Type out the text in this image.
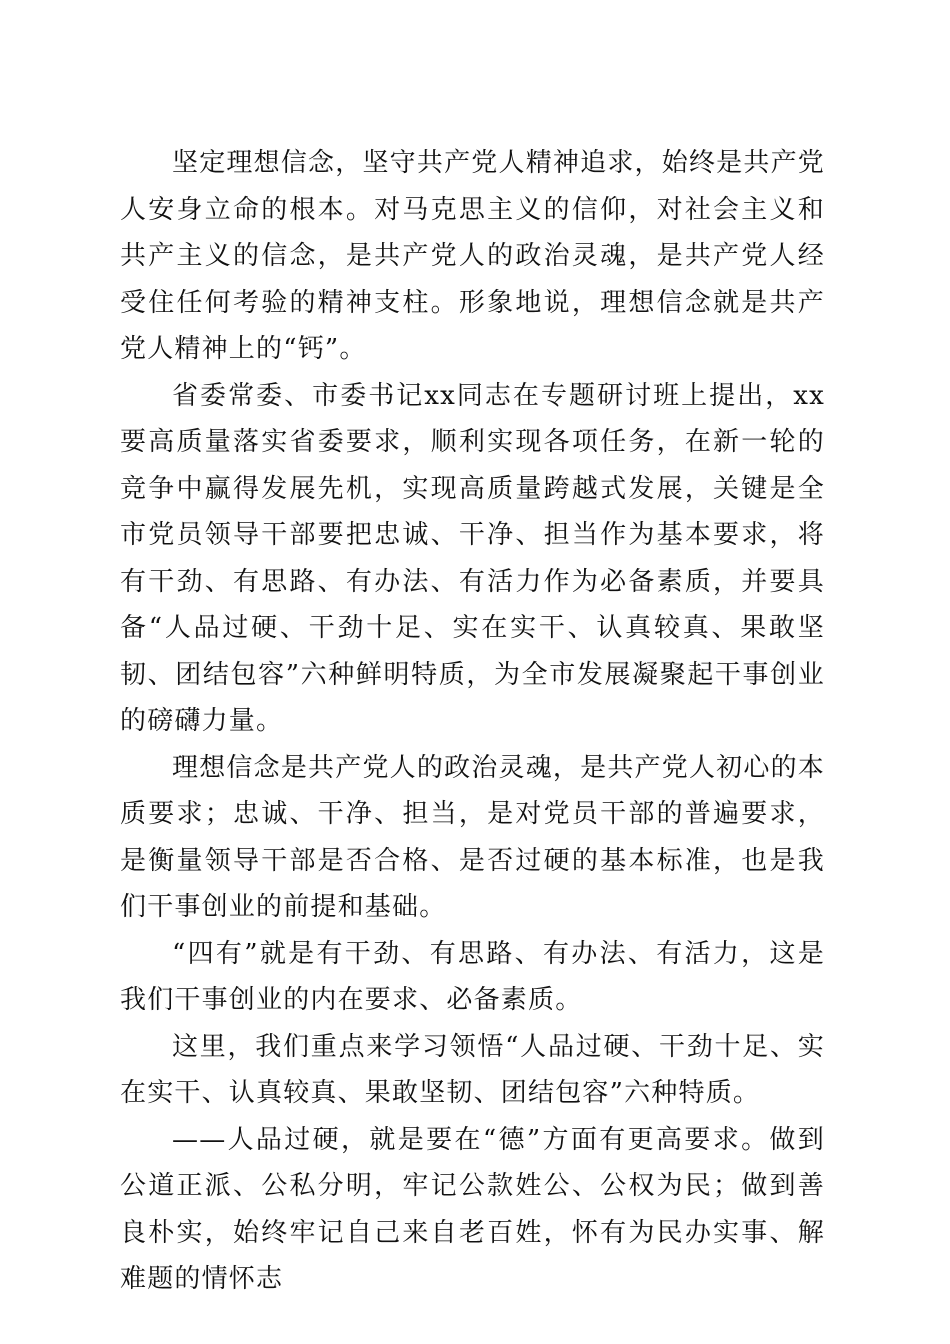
坚定理想信念，坚守共产党人精神追求，始终是共产党人安身立命的根本。对马克思主义的信仰，对社会主义和共产主义的信念，是共产党人的政治灵魂，是共产党人经受住任何考验的精神支柱。形象地说，理想信念就是共产党人精神上的“钙”。

省委常委、市委书记xx同志在专题研讨班上提出，xx要高质量落实省委要求，顺利实现各项任务，在新一轮的竞争中赢得发展先机，实现高质量跨越式发展，关键是全市党员领导干部要把忠诚、干净、担当作为基本要求，将有干劲、有思路、有办法、有活力作为必备素质，并要具备“人品过硬、干劲十足、实在实干、认真较真、果敢坚韧、团结包容”六种鲜明特质，为全市发展凝聚起干事创业的磅礴力量。

理想信念是共产党人的政治灵魂，是共产党人初心的本质要求；忠诚、干净、担当，是对党员干部的普遍要求，是衡量领导干部是否合格、是否过硬的基本标准，也是我们干事创业的前提和基础。

“四有”就是有干劲、有思路、有办法、有活力，这是我们干事创业的内在要求、必备素质。

这里，我们重点来学习领悟“人品过硬、干劲十足、实在实干、认真较真、果敢坚韧、团结包容”六种特质。

——人品过硬，就是要在“德”方面有更高要求。做到公道正派、公私分明，牢记公款姓公、公权为民；做到善良朴实，始终牢记自己来自老百姓，怀有为民办实事、解难题的情怀志
